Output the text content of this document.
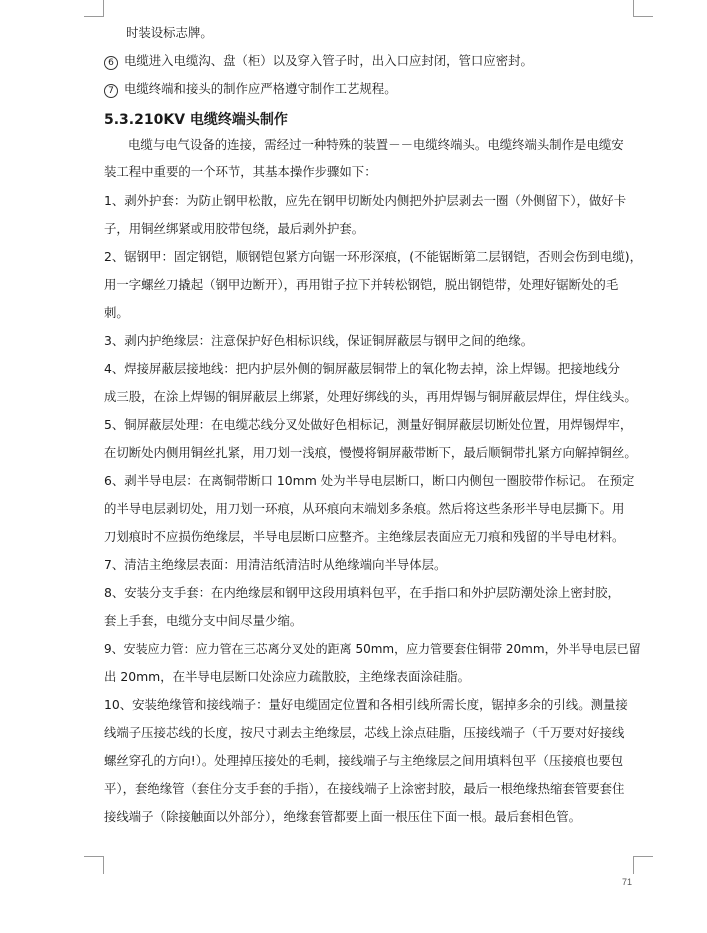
时装设标志牌。
6 电缆进入电缆沟、盘（柜）以及穿入管子时，出入口应封闭，管口应密封。
7 电缆终端和接头的制作应严格遵守制作工艺规程。
5.3.210KV 电缆终端头制作
电缆与电气设备的连接，需经过一种特殊的装置－－电缆终端头。电缆终端头制作是电缆安
装工程中重要的一个环节，其基本操作步骤如下：
1、剥外护套：为防止钢甲松散，应先在钢甲切断处内侧把外护层剥去一圈（外侧留下），做好卡
子，用铜丝绑紧或用胶带包绕，最后剥外护套。
2、锯钢甲：固定钢铠，顺钢铠包紧方向锯一环形深痕，(不能锯断第二层钢铠，否则会伤到电缆)，
用一字螺丝刀撬起（钢甲边断开），再用钳子拉下并转松钢铠，脱出钢铠带，处理好锯断处的毛
刺。
3、剥内护绝缘层：注意保护好色相标识线，保证铜屏蔽层与钢甲之间的绝缘。
4、焊接屏蔽层接地线：把内护层外侧的铜屏蔽层铜带上的氧化物去掉，涂上焊锡。把接地线分
成三股，在涂上焊锡的铜屏蔽层上绑紧，处理好绑线的头，再用焊锡与铜屏蔽层焊住，焊住线头。
5、铜屏蔽层处理：在电缆芯线分叉处做好色相标记，测量好铜屏蔽层切断处位置，用焊锡焊牢，
在切断处内侧用铜丝扎紧，用刀划一浅痕，慢慢将铜屏蔽带断下，最后顺铜带扎紧方向解掉铜丝。
6、剥半导电层：在离铜带断口 10mm 处为半导电层断口，断口内侧包一圈胶带作标记。 在预定
的半导电层剥切处，用刀划一环痕，从环痕向末端划多条痕。然后将这些条形半导电层撕下。用
刀划痕时不应损伤绝缘层，半导电层断口应整齐。主绝缘层表面应无刀痕和残留的半导电材料。
7、清洁主绝缘层表面：用清洁纸清洁时从绝缘端向半导体层。
8、安装分支手套：在内绝缘层和钢甲这段用填料包平，在手指口和外护层防潮处涂上密封胶，
套上手套，电缆分支中间尽量少缩。
9、安装应力管：应力管在三芯离分叉处的距离 50mm，应力管要套住铜带 20mm，外半导电层已留
出 20mm，在半导电层断口处涂应力疏散胶，主绝缘表面涂硅脂。
10、安装绝缘管和接线端子：量好电缆固定位置和各相引线所需长度，锯掉多余的引线。测量接
线端子压接芯线的长度，按尺寸剥去主绝缘层，芯线上涂点硅脂，压接线端子（千万要对好接线
螺丝穿孔的方向!）。处理掉压接处的毛刺，接线端子与主绝缘层之间用填料包平（压接痕也要包
平），套绝缘管（套住分支手套的手指），在接线端子上涂密封胶，最后一根绝缘热缩套管要套住
接线端子（除接触面以外部分），绝缘套管都要上面一根压住下面一根。最后套相色管。
71
